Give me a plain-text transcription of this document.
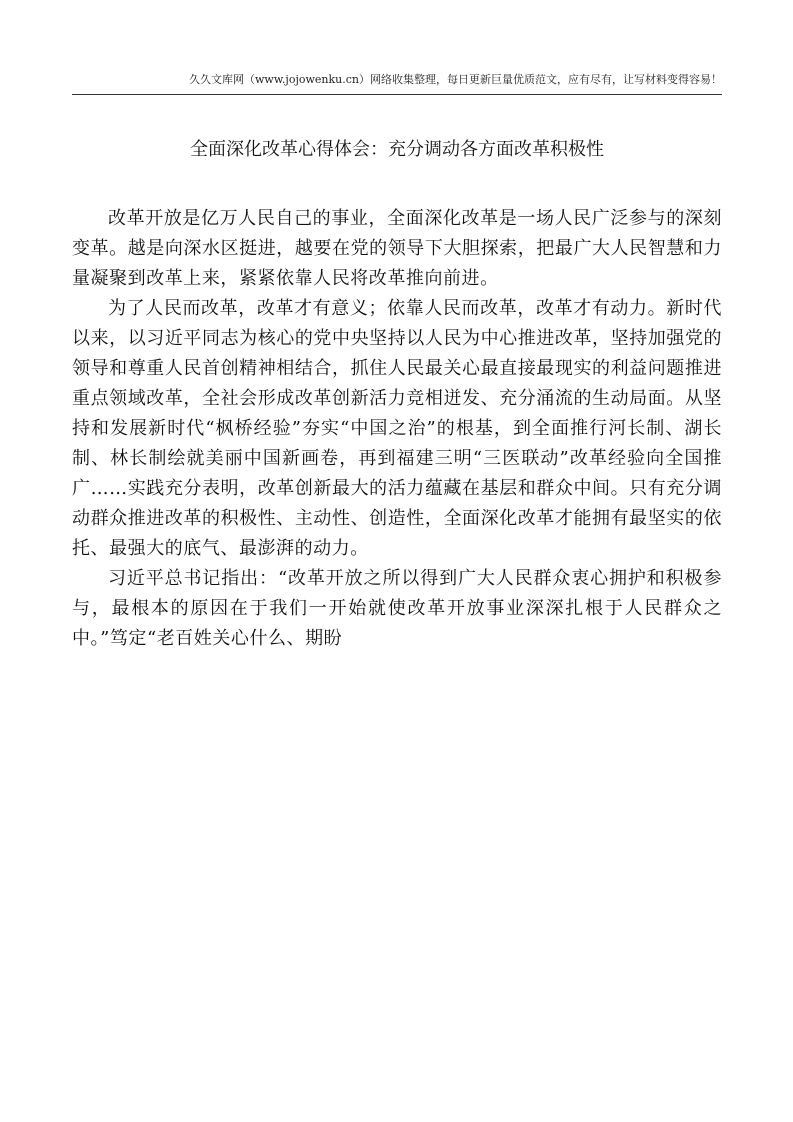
久久文库网（www.jojowenku.cn）网络收集整理，每日更新巨量优质范文，应有尽有，让写材料变得容易！
全面深化改革心得体会：充分调动各方面改革积极性

改革开放是亿万人民自己的事业，全面深化改革是一场人民广泛参与的深刻变革。越是向深水区挺进，越要在党的领导下大胆探索，把最广大人民智慧和力量凝聚到改革上来，紧紧依靠人民将改革推向前进。

为了人民而改革，改革才有意义；依靠人民而改革，改革才有动力。新时代以来，以习近平同志为核心的党中央坚持以人民为中心推进改革，坚持加强党的领导和尊重人民首创精神相结合，抓住人民最关心最直接最现实的利益问题推进重点领域改革，全社会形成改革创新活力竞相迸发、充分涌流的生动局面。从坚持和发展新时代“枫桥经验”夯实“中国之治”的根基，到全面推行河长制、湖长制、林长制绘就美丽中国新画卷，再到福建三明“三医联动”改革经验向全国推广……实践充分表明，改革创新最大的活力蕴藏在基层和群众中间。只有充分调动群众推进改革的积极性、主动性、创造性，全面深化改革才能拥有最坚实的依托、最强大的底气、最澎湃的动力。

习近平总书记指出：“改革开放之所以得到广大人民群众衷心拥护和积极参与，最根本的原因在于我们一开始就使改革开放事业深深扎根于人民群众之中。”笃定“老百姓关心什么、期盼
